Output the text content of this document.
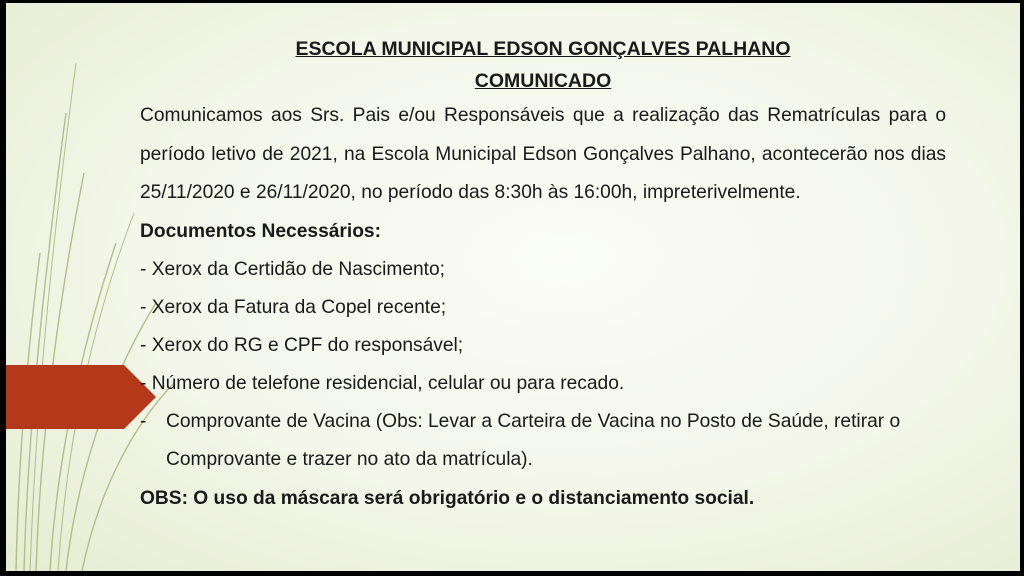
ESCOLA MUNICIPAL EDSON GONÇALVES PALHANO

COMUNICADO

Comunicamos aos Srs. Pais e/ou Responsáveis que a realização das Rematrículas para o período letivo de 2021, na Escola Municipal Edson Gonçalves Palhano, acontecerão nos dias 25/11/2020 e 26/11/2020, no período das 8:30h às 16:00h, impreterivelmente.

Documentos Necessários:

- Xerox da Certidão de Nascimento;

- Xerox da Fatura da Copel recente;

- Xerox do RG e CPF do responsável;

- Número de telefone residencial, celular ou para recado.

-	Comprovante de Vacina (Obs: Levar a Carteira de Vacina no Posto de Saúde, retirar o Comprovante e trazer no ato da matrícula).

OBS: O uso da máscara será obrigatório e o distanciamento social.
